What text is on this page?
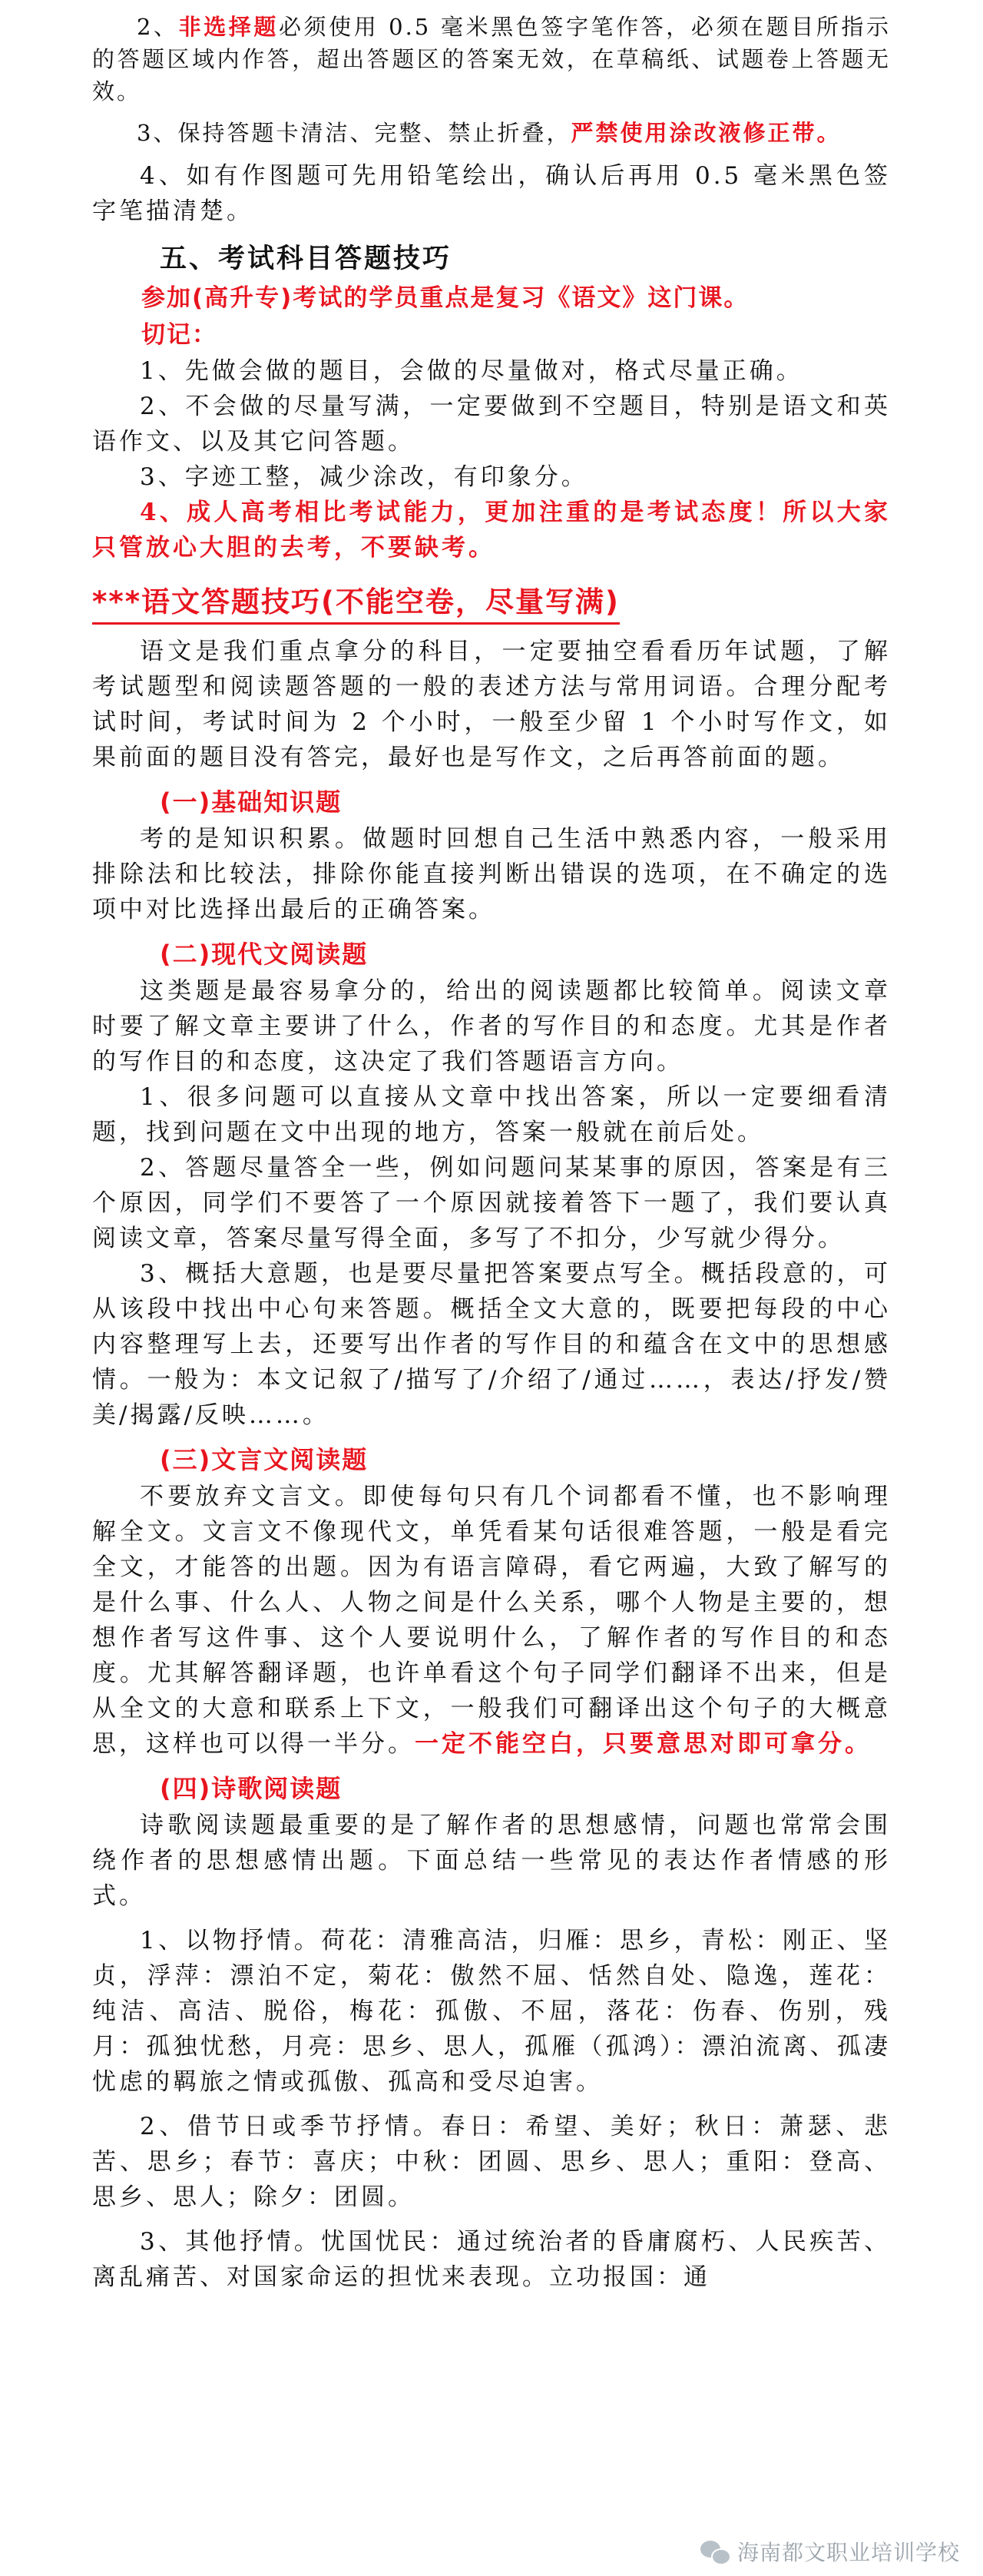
2、非选择题必须使用 0.5 毫米黑色签字笔作答，必须在题目所指示的答题区域内作答，超出答题区的答案无效，在草稿纸、试题卷上答题无效。

3、保持答题卡清洁、完整、禁止折叠，严禁使用涂改液修正带。

4、如有作图题可先用铅笔绘出，确认后再用 0.5 毫米黑色签字笔描清楚。

五、考试科目答题技巧
参加(高升专)考试的学员重点是复习《语文》这门课。
切记：

1、先做会做的题目，会做的尽量做对，格式尽量正确。

2、不会做的尽量写满，一定要做到不空题目，特别是语文和英语作文、以及其它问答题。

3、字迹工整，减少涂改，有印象分。

4、成人高考相比考试能力，更加注重的是考试态度！所以大家只管放心大胆的去考，不要缺考。

***语文答题技巧(不能空卷，尽量写满)

语文是我们重点拿分的科目，一定要抽空看看历年试题，了解考试题型和阅读题答题的一般的表述方法与常用词语。合理分配考试时间，考试时间为 2 个小时，一般至少留 1 个小时写作文，如果前面的题目没有答完，最好也是写作文，之后再答前面的题。

(一)基础知识题

考的是知识积累。做题时回想自己生活中熟悉内容，一般采用排除法和比较法，排除你能直接判断出错误的选项，在不确定的选项中对比选择出最后的正确答案。

(二)现代文阅读题

这类题是最容易拿分的，给出的阅读题都比较简单。阅读文章时要了解文章主要讲了什么，作者的写作目的和态度。尤其是作者的写作目的和态度，这决定了我们答题语言方向。

1、很多问题可以直接从文章中找出答案，所以一定要细看清题，找到问题在文中出现的地方，答案一般就在前后处。

2、答题尽量答全一些，例如问题问某某事的原因，答案是有三个原因，同学们不要答了一个原因就接着答下一题了，我们要认真阅读文章，答案尽量写得全面，多写了不扣分，少写就少得分。

3、概括大意题，也是要尽量把答案要点写全。概括段意的，可从该段中找出中心句来答题。概括全文大意的，既要把每段的中心内容整理写上去，还要写出作者的写作目的和蕴含在文中的思想感情。一般为：本文记叙了/描写了/介绍了/通过……，表达/抒发/赞美/揭露/反映……。

(三)文言文阅读题

不要放弃文言文。即使每句只有几个词都看不懂，也不影响理解全文。文言文不像现代文，单凭看某句话很难答题，一般是看完全文，才能答的出题。因为有语言障碍，看它两遍，大致了解写的是什么事、什么人、人物之间是什么关系，哪个人物是主要的，想想作者写这件事、这个人要说明什么，了解作者的写作目的和态度。尤其解答翻译题，也许单看这个句子同学们翻译不出来，但是从全文的大意和联系上下文，一般我们可翻译出这个句子的大概意思，这样也可以得一半分。一定不能空白，只要意思对即可拿分。

(四)诗歌阅读题

诗歌阅读题最重要的是了解作者的思想感情，问题也常常会围绕作者的思想感情出题。下面总结一些常见的表达作者情感的形式。

1、以物抒情。荷花：清雅高洁，归雁：思乡，青松：刚正、坚贞，浮萍：漂泊不定，菊花：傲然不屈、恬然自处、隐逸，莲花：纯洁、高洁、脱俗，梅花：孤傲、不屈，落花：伤春、伤别，残月：孤独忧愁，月亮：思乡、思人，孤雁（孤鸿）：漂泊流离、孤凄忧虑的羁旅之情或孤傲、孤高和受尽迫害。

2、借节日或季节抒情。春日：希望、美好；秋日：萧瑟、悲苦、思乡；春节：喜庆；中秋：团圆、思乡、思人；重阳：登高、思乡、思人；除夕：团圆。

3、其他抒情。忧国忧民：通过统治者的昏庸腐朽、人民疾苦、离乱痛苦、对国家命运的担忧来表现。立功报国：通

海南都文职业培训学校
